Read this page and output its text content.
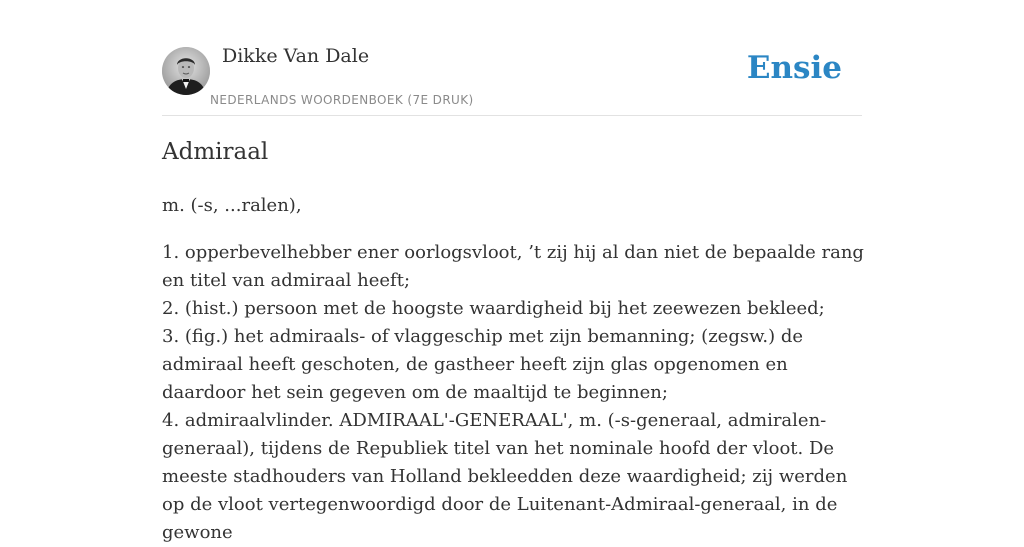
Dikke Van Dale
NEDERLANDS WOORDENBOEK (7E DRUK)
Ensie
Admiraal

m. (-s, ...ralen),

1. opperbevelhebber ener oorlogsvloot, ’t zij hij al dan niet de bepaalde rang en titel van admiraal heeft;
2. (hist.) persoon met de hoogste waardigheid bij het zeewezen bekleed;
3. (fig.) het admiraals- of vlaggeschip met zijn bemanning; (zegsw.) de admiraal heeft geschoten, de gastheer heeft zijn glas opgenomen en daardoor het sein gegeven om de maaltijd te beginnen;
4. admiraalvlinder. ADMIRAAL'-GENERAAL', m. (-s-generaal, admiralen-generaal), tijdens de Republiek titel van het nominale hoofd der vloot. De meeste stadhouders van Holland bekleedden deze waardigheid; zij werden op de vloot vertegenwoordigd door de Luitenant-Admiraal-generaal, in de gewone
